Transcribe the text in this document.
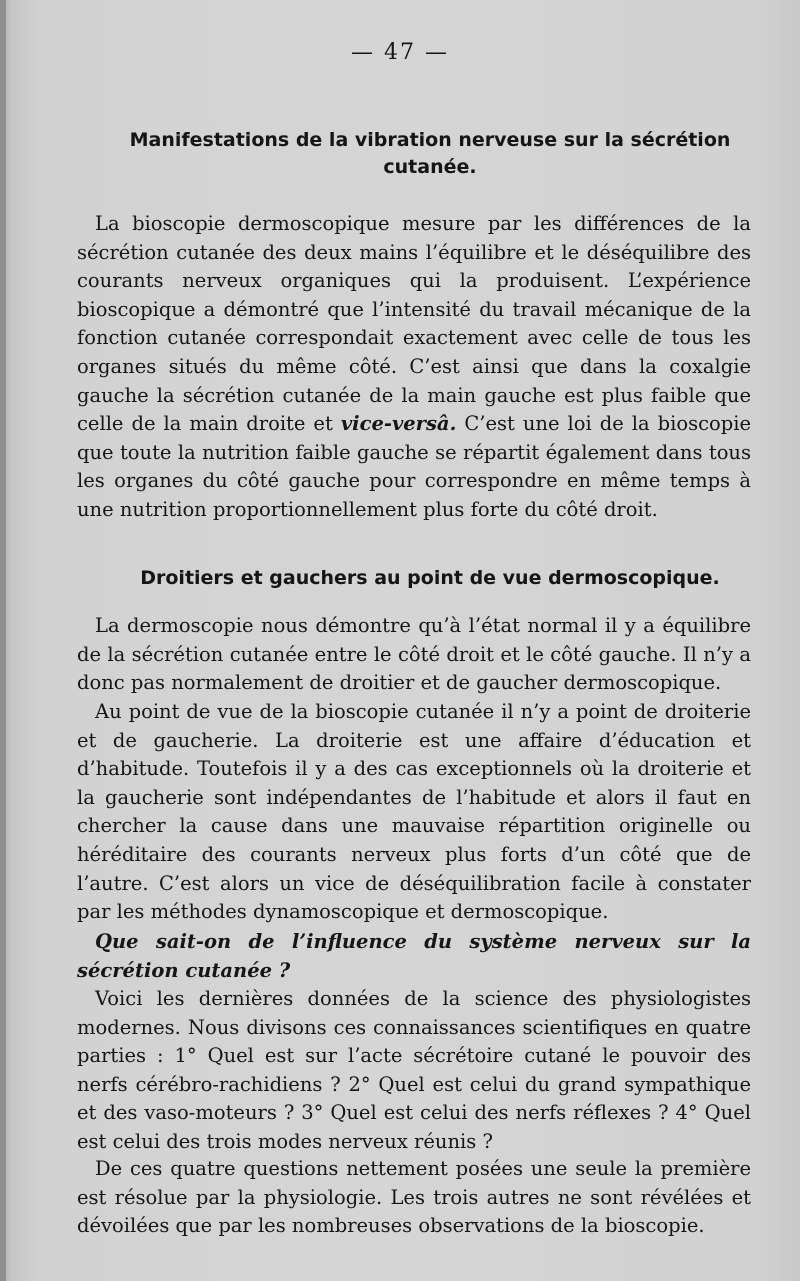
— 47 —
Manifestations de la vibration nerveuse sur la sécrétion cutanée.

La bioscopie dermoscopique mesure par les différences de la sécrétion cutanée des deux mains l’équilibre et le déséquilibre des courants nerveux organiques qui la produisent. L’expérience bioscopique a démontré que l’intensité du travail mécanique de la fonction cutanée correspondait exactement avec celle de tous les organes situés du même côté. C’est ainsi que dans la coxalgie gauche la sécrétion cutanée de la main gauche est plus faible que celle de la main droite et vice-versâ. C’est une loi de la bioscopie que toute la nutrition faible gauche se répartit également dans tous les organes du côté gauche pour correspondre en même temps à une nutrition proportionnellement plus forte du côté droit.

Droitiers et gauchers au point de vue dermoscopique.

La dermoscopie nous démontre qu’à l’état normal il y a équilibre de la sécrétion cutanée entre le côté droit et le côté gauche. Il n’y a donc pas normalement de droitier et de gaucher dermoscopique.

Au point de vue de la bioscopie cutanée il n’y a point de droiterie et de gaucherie. La droiterie est une affaire d’éducation et d’habitude. Toutefois il y a des cas exceptionnels où la droiterie et la gaucherie sont indépendantes de l’habitude et alors il faut en chercher la cause dans une mauvaise répartition originelle ou héréditaire des courants nerveux plus forts d’un côté que de l’autre. C’est alors un vice de déséquilibration facile à constater par les méthodes dynamoscopique et dermoscopique.

Que sait-on de l’influence du système nerveux sur la sécrétion cutanée ?

Voici les dernières données de la science des physiologistes modernes. Nous divisons ces connaissances scientifiques en quatre parties : 1° Quel est sur l’acte sécrétoire cutané le pouvoir des nerfs cérébro-rachidiens ? 2° Quel est celui du grand sympathique et des vaso-moteurs ? 3° Quel est celui des nerfs réflexes ? 4° Quel est celui des trois modes nerveux réunis ?

De ces quatre questions nettement posées une seule la première est résolue par la physiologie. Les trois autres ne sont révélées et dévoilées que par les nombreuses observations de la bioscopie.
